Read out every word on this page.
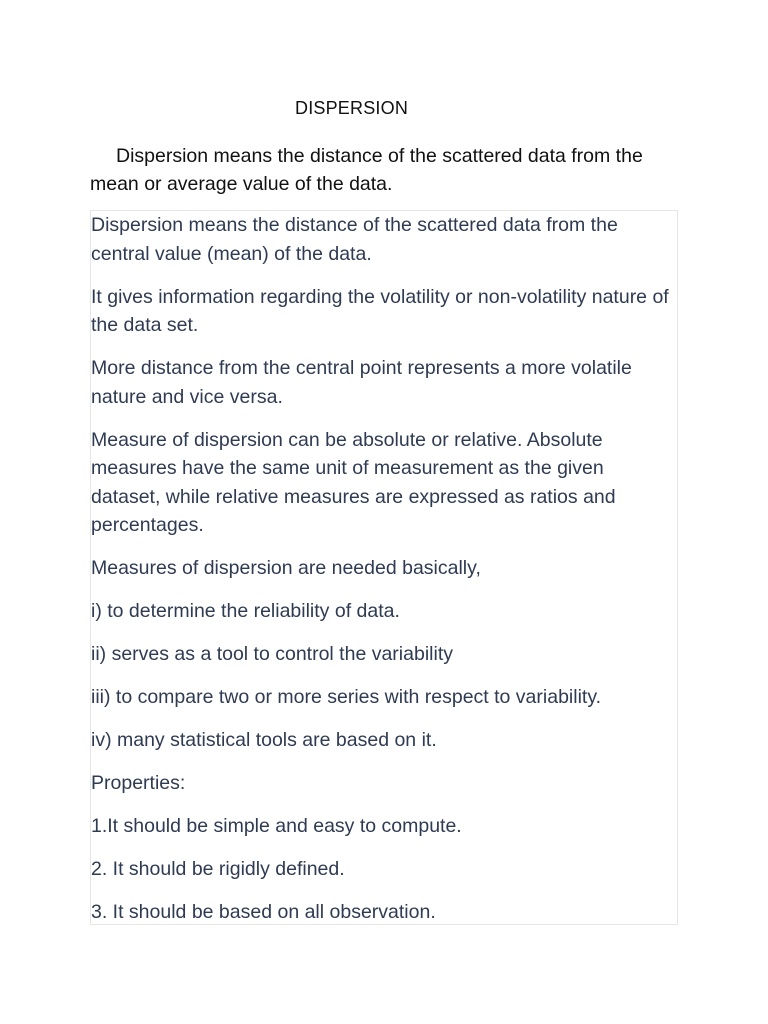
DISPERSION

Dispersion means the distance of the scattered data from the mean or average value of the data.

Dispersion means the distance of the scattered data from the central value (mean) of the data.

It gives information regarding the volatility or non-volatility nature of the data set.

More distance from the central point represents a more volatile nature and vice versa.

Measure of dispersion can be absolute or relative. Absolute measures have the same unit of measurement as the given dataset, while relative measures are expressed as ratios and percentages.

Measures of dispersion are needed basically,

i) to determine the reliability of data.

ii) serves as a tool to control the variability

iii) to compare two or more series with respect to variability.

iv) many statistical tools are based on it.

Properties:

1.It should be simple and easy to compute.

2. It should be rigidly defined.

3. It should be based on all observation.
